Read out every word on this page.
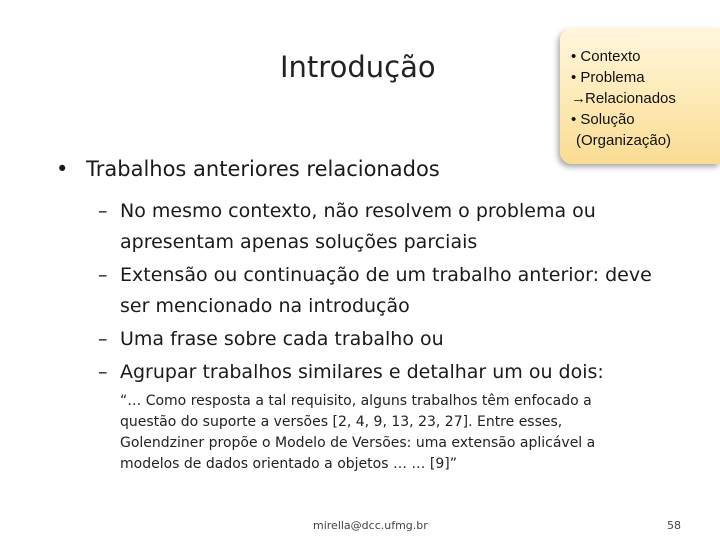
Introdução	• Contexto
• Problema
→Relacionados
• Solução
(Organização)
• Trabalhos anteriores relacionados
– No mesmo contexto, não resolvem o problema ou apresentam apenas soluções parciais
– Extensão ou continuação de um trabalho anterior: deve ser mencionado na introdução
– Uma frase sobre cada trabalho ou
– Agrupar trabalhos similares e detalhar um ou dois:
“… Como resposta a tal requisito, alguns trabalhos têm enfocado a questão do suporte a versões [2, 4, 9, 13, 23, 27]. Entre esses, Golendziner propõe o Modelo de Versões: uma extensão aplicável a modelos de dados orientado a objetos … … [9]”
mirella@dcc.ufmg.br	58
